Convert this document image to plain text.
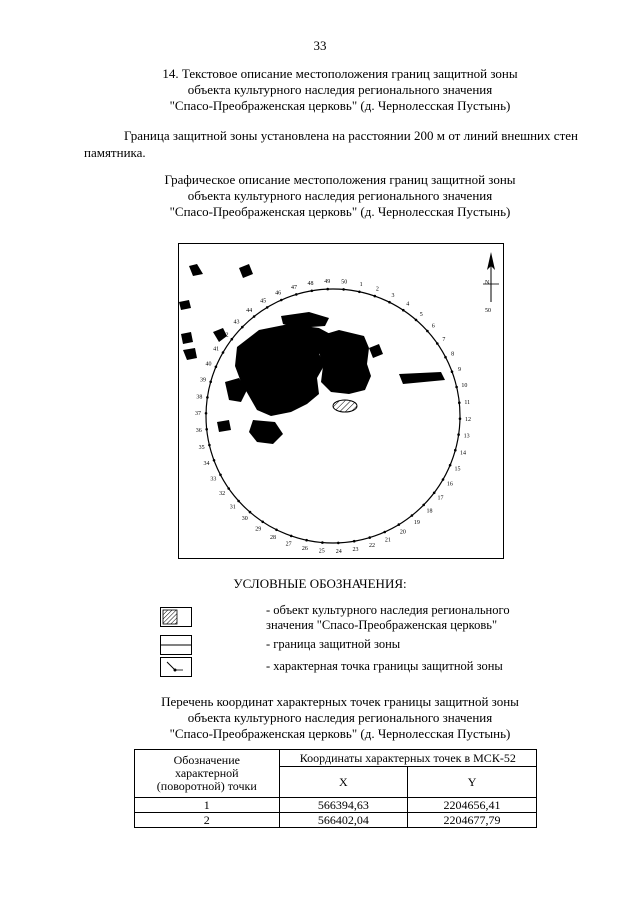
33
14. Текстовое описание местоположения границ защитной зоны
объекта культурного наследия регионального значения
"Спасо-Преображенская церковь" (д. Чернолесская Пустынь)
Граница защитной зоны установлена на расстоянии 200 м от линий внешних стен памятника.
Графическое описание местоположения границ защитной зоны
объекта культурного наследия регионального значения
"Спасо-Преображенская церковь" (д. Чернолесская Пустынь)
1
2
3
4
5
6
7
8
9
10
11
12
13
14
15
16
17
18
19
20
21
22
23
24
25
26
27
28
29
30
31
32
33
34
35
36
37
38
39
40
41
42
43
44
45
46
47
48 49 50	N
50
УСЛОВНЫЕ ОБОЗНАЧЕНИЯ:
- объект культурного наследия регионального
значения "Спасо-Преображенская церковь"
- граница защитной зоны
- характерная точка границы защитной зоны
Перечень координат характерных точек границы защитной зоны
объекта культурного наследия регионального значения
"Спасо-Преображенская церковь" (д. Чернолесская Пустынь)
Обозначение
характерной
(поворотной) точки	Координаты характерных точек в МСК-52	
	X	Y
1	566394,63	2204656,41
2	566402,04	2204677,79
